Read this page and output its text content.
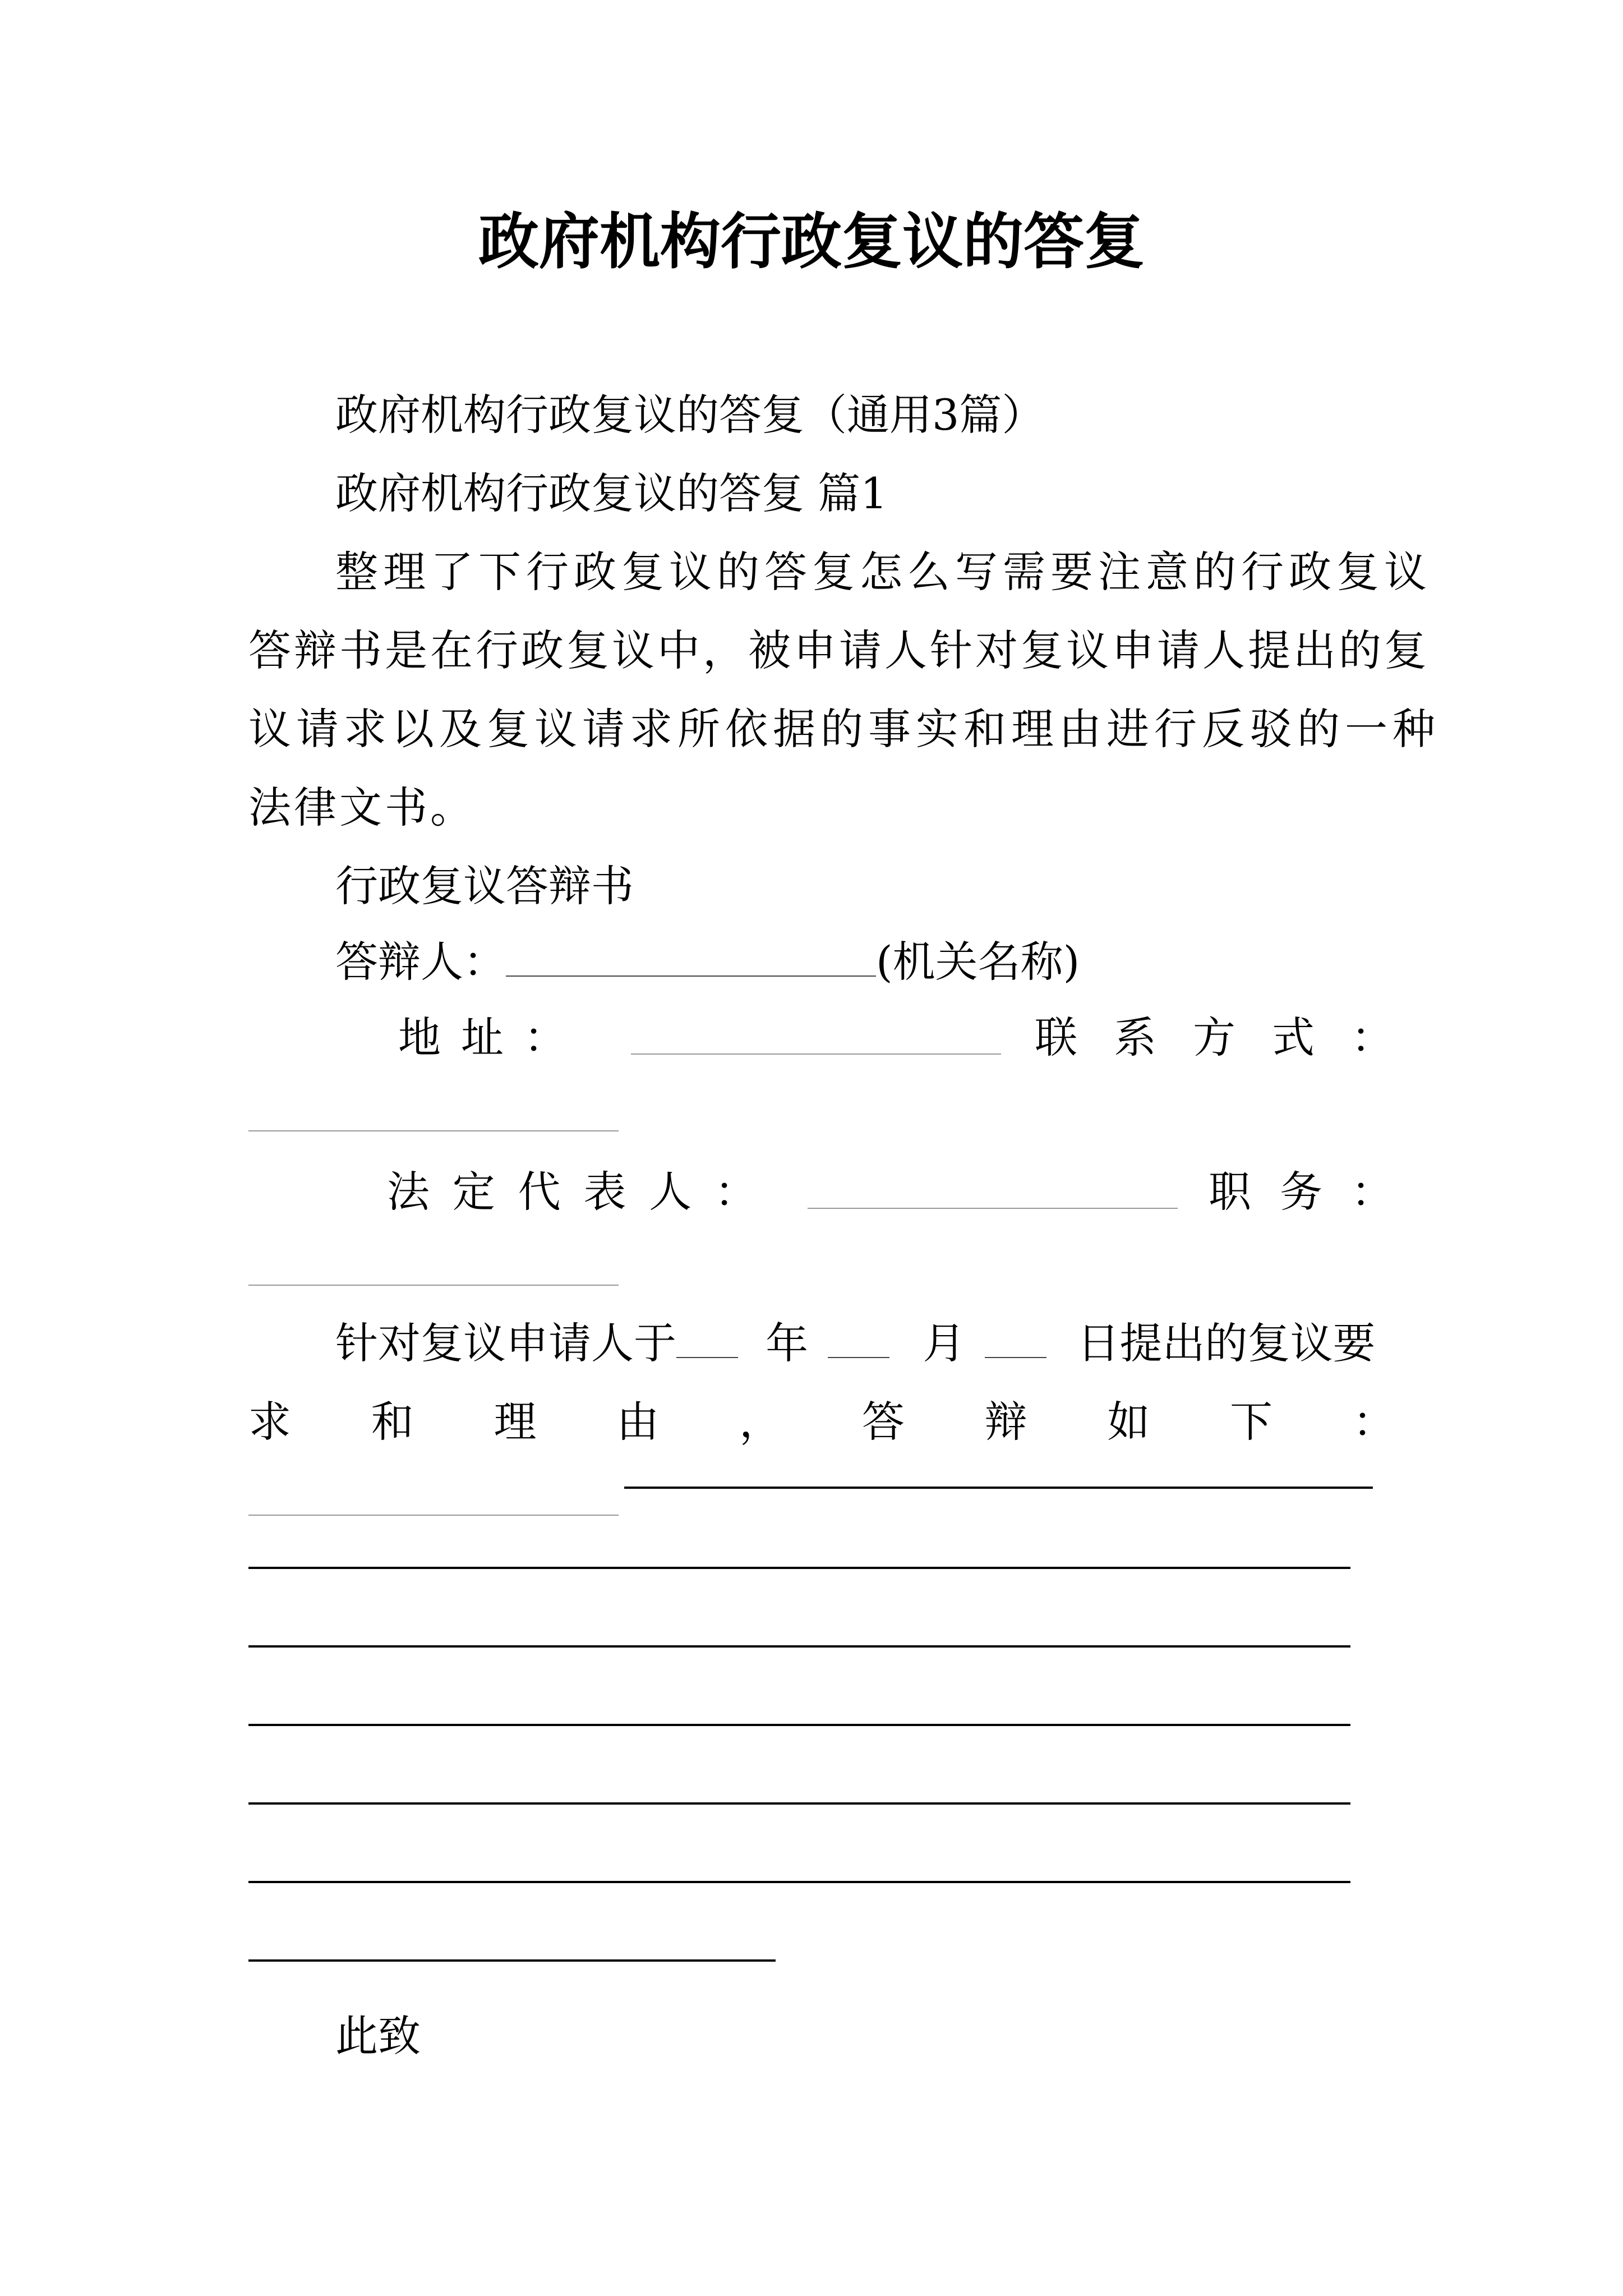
政府机构行政复议的答复
政府机构行政复议的答复（通用3篇）
政府机构行政复议的答复 篇1
整理了下行政复议的答复怎么写需要注意的行政复议
答辩书是在行政复议中，被申请人针对复议申请人提出的复
议请求以及复议请求所依据的事实和理由进行反驳的一种
法律文书。
行政复议答辩书
答辩人：	(机关名称)
地 址 ：	联 系 方 式 ：
法 定 代 表 人 ：	职 务 ：
针对复议申请人于 年	月	日提出的复议要
求 和 理 由 ， 答 辩 如 下 ：
此致
